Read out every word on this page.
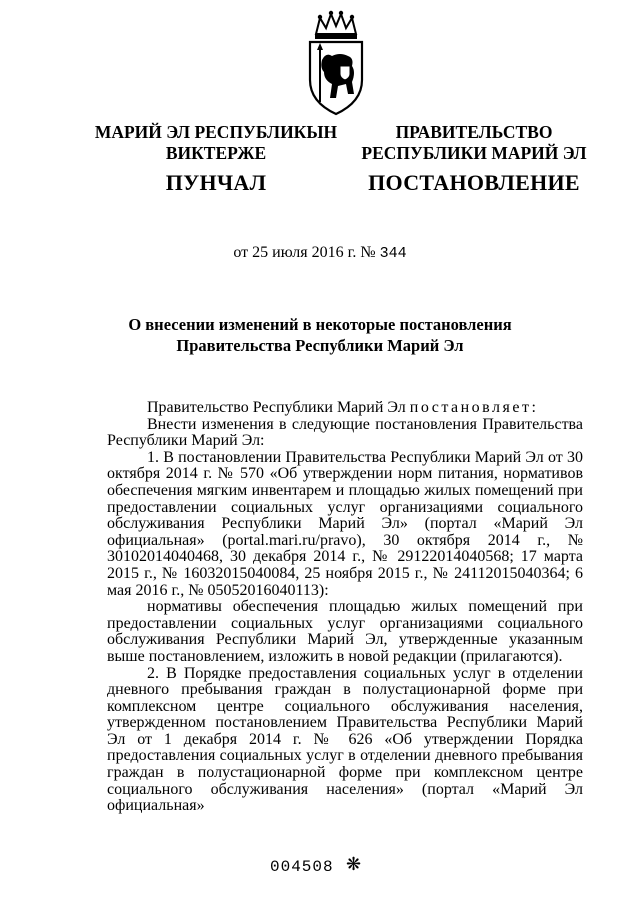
МАРИЙ ЭЛ РЕСПУБЛИКЫН
ВИКТЕРЖЕ
ПУНЧАЛ
ПРАВИТЕЛЬСТВО
РЕСПУБЛИКИ МАРИЙ ЭЛ
ПОСТАНОВЛЕНИЕ
от 25 июля 2016 г. № 344
О внесении изменений в некоторые постановления
Правительства Республики Марий Эл

Правительство Республики Марий Эл постановляет:

Внести изменения в следующие постановления Правительства Республики Марий Эл:

1. В постановлении Правительства Республики Марий Эл от 30 октября 2014 г. № 570 «Об утверждении норм питания, нормативов обеспечения мягким инвентарем и площадью жилых помещений при предоставлении социальных услуг организациями социального обслуживания Республики Марий Эл» (портал «Марий Эл официальная» (portal.mari.ru/pravo), 30 октября 2014 г., № 30102014040468, 30 декабря 2014 г., № 29122014040568; 17 марта 2015 г., № 16032015040084, 25 ноября 2015 г., № 24112015040364; 6 мая 2016 г., № 05052016040113):

нормативы обеспечения площадью жилых помещений при предоставлении социальных услуг организациями социального обслуживания Республики Марий Эл, утвержденные указанным выше постановлением, изложить в новой редакции (прилагаются).

2. В Порядке предоставления социальных услуг в отделении дневного пребывания граждан в полустационарной форме при комплексном центре социального обслуживания населения, утвержденном постановлением Правительства Республики Марий Эл от 1 декабря 2014 г. № 626 «Об утверждении Порядка предоставления социальных услуг в отделении дневного пребывания граждан в полустационарной форме при комплексном центре социального обслуживания населения» (портал «Марий Эл официальная»

004508 ❋
